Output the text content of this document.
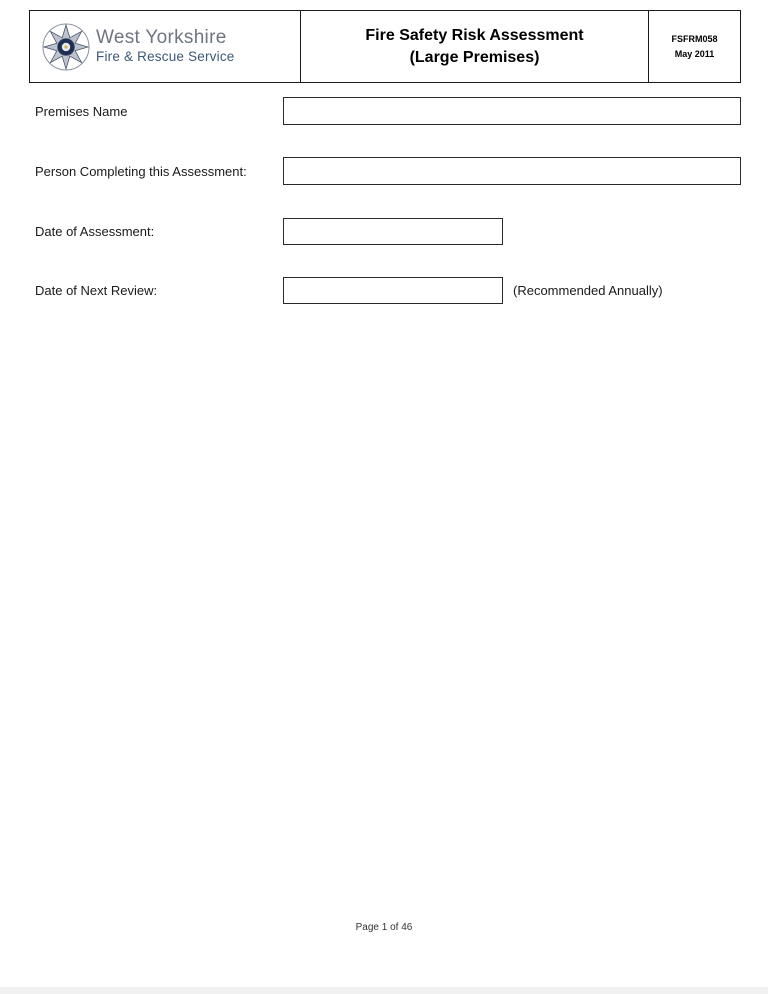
West Yorkshire
Fire & Rescue Service
Fire Safety Risk Assessment
(Large Premises)
FSFRM058
May 2011
Premises Name
Person Completing this Assessment:
Date of Assessment:
Date of Next Review:	(Recommended Annually)
Page 1 of 46
